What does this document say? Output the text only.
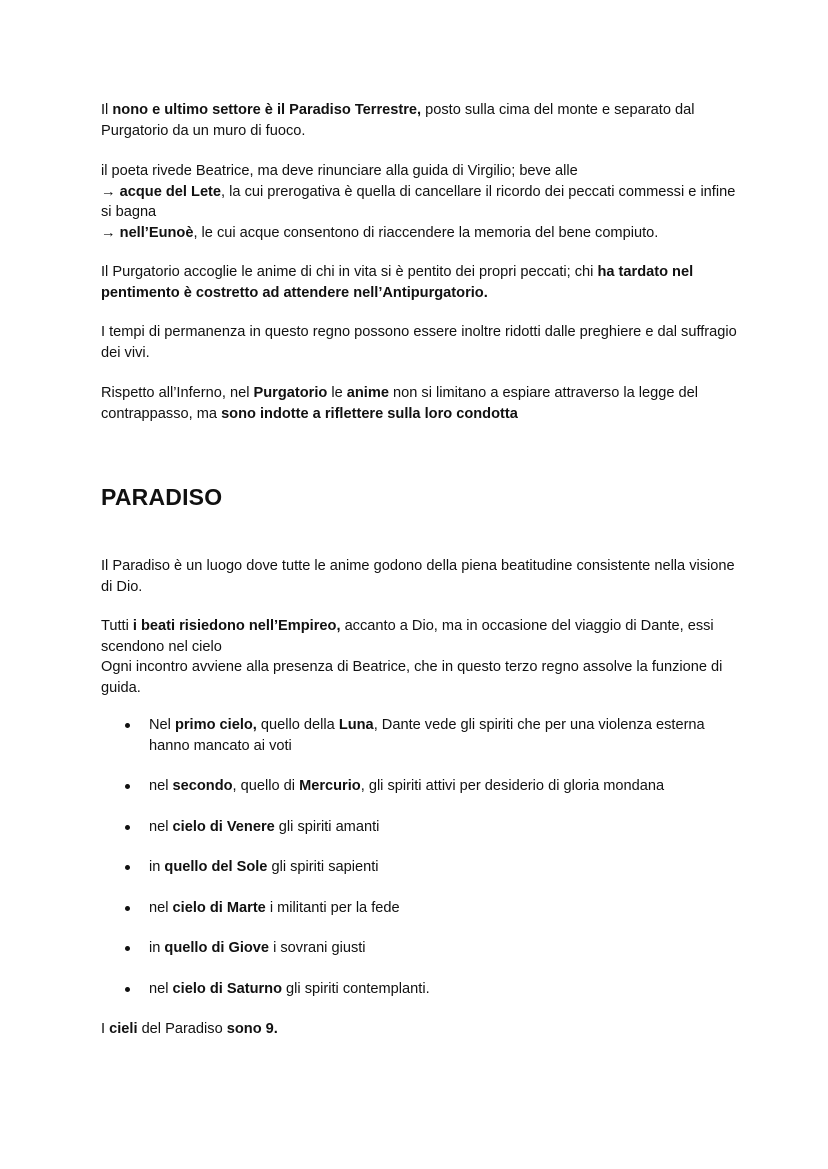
Il nono e ultimo settore è il Paradiso Terrestre, posto sulla cima del monte e separato dal Purgatorio da un muro di fuoco.

il poeta rivede Beatrice, ma deve rinunciare alla guida di Virgilio; beve alle
→ acque del Lete, la cui prerogativa è quella di cancellare il ricordo dei peccati commessi e infine si bagna
→ nell’Eunoè, le cui acque consentono di riaccendere la memoria del bene compiuto.

Il Purgatorio accoglie le anime di chi in vita si è pentito dei propri peccati; chi ha tardato nel pentimento è costretto ad attendere nell’Antipurgatorio.

I tempi di permanenza in questo regno possono essere inoltre ridotti dalle preghiere e dal suffragio dei vivi.

Rispetto all’Inferno, nel Purgatorio le anime non si limitano a espiare attraverso la legge del contrappasso, ma sono indotte a riflettere sulla loro condotta

PARADISO

Il Paradiso è un luogo dove tutte le anime godono della piena beatitudine consistente nella visione di Dio.

Tutti i beati risiedono nell’Empireo, accanto a Dio, ma in occasione del viaggio di Dante, essi scendono nel cielo
Ogni incontro avviene alla presenza di Beatrice, che in questo terzo regno assolve la funzione di guida.
Nel primo cielo, quello della Luna, Dante vede gli spiriti che per una violenza esterna hanno mancato ai voti
nel secondo, quello di Mercurio, gli spiriti attivi per desiderio di gloria mondana
nel cielo di Venere gli spiriti amanti
in quello del Sole gli spiriti sapienti
nel cielo di Marte i militanti per la fede
in quello di Giove i sovrani giusti
nel cielo di Saturno gli spiriti contemplanti.

I cieli del Paradiso sono 9.
